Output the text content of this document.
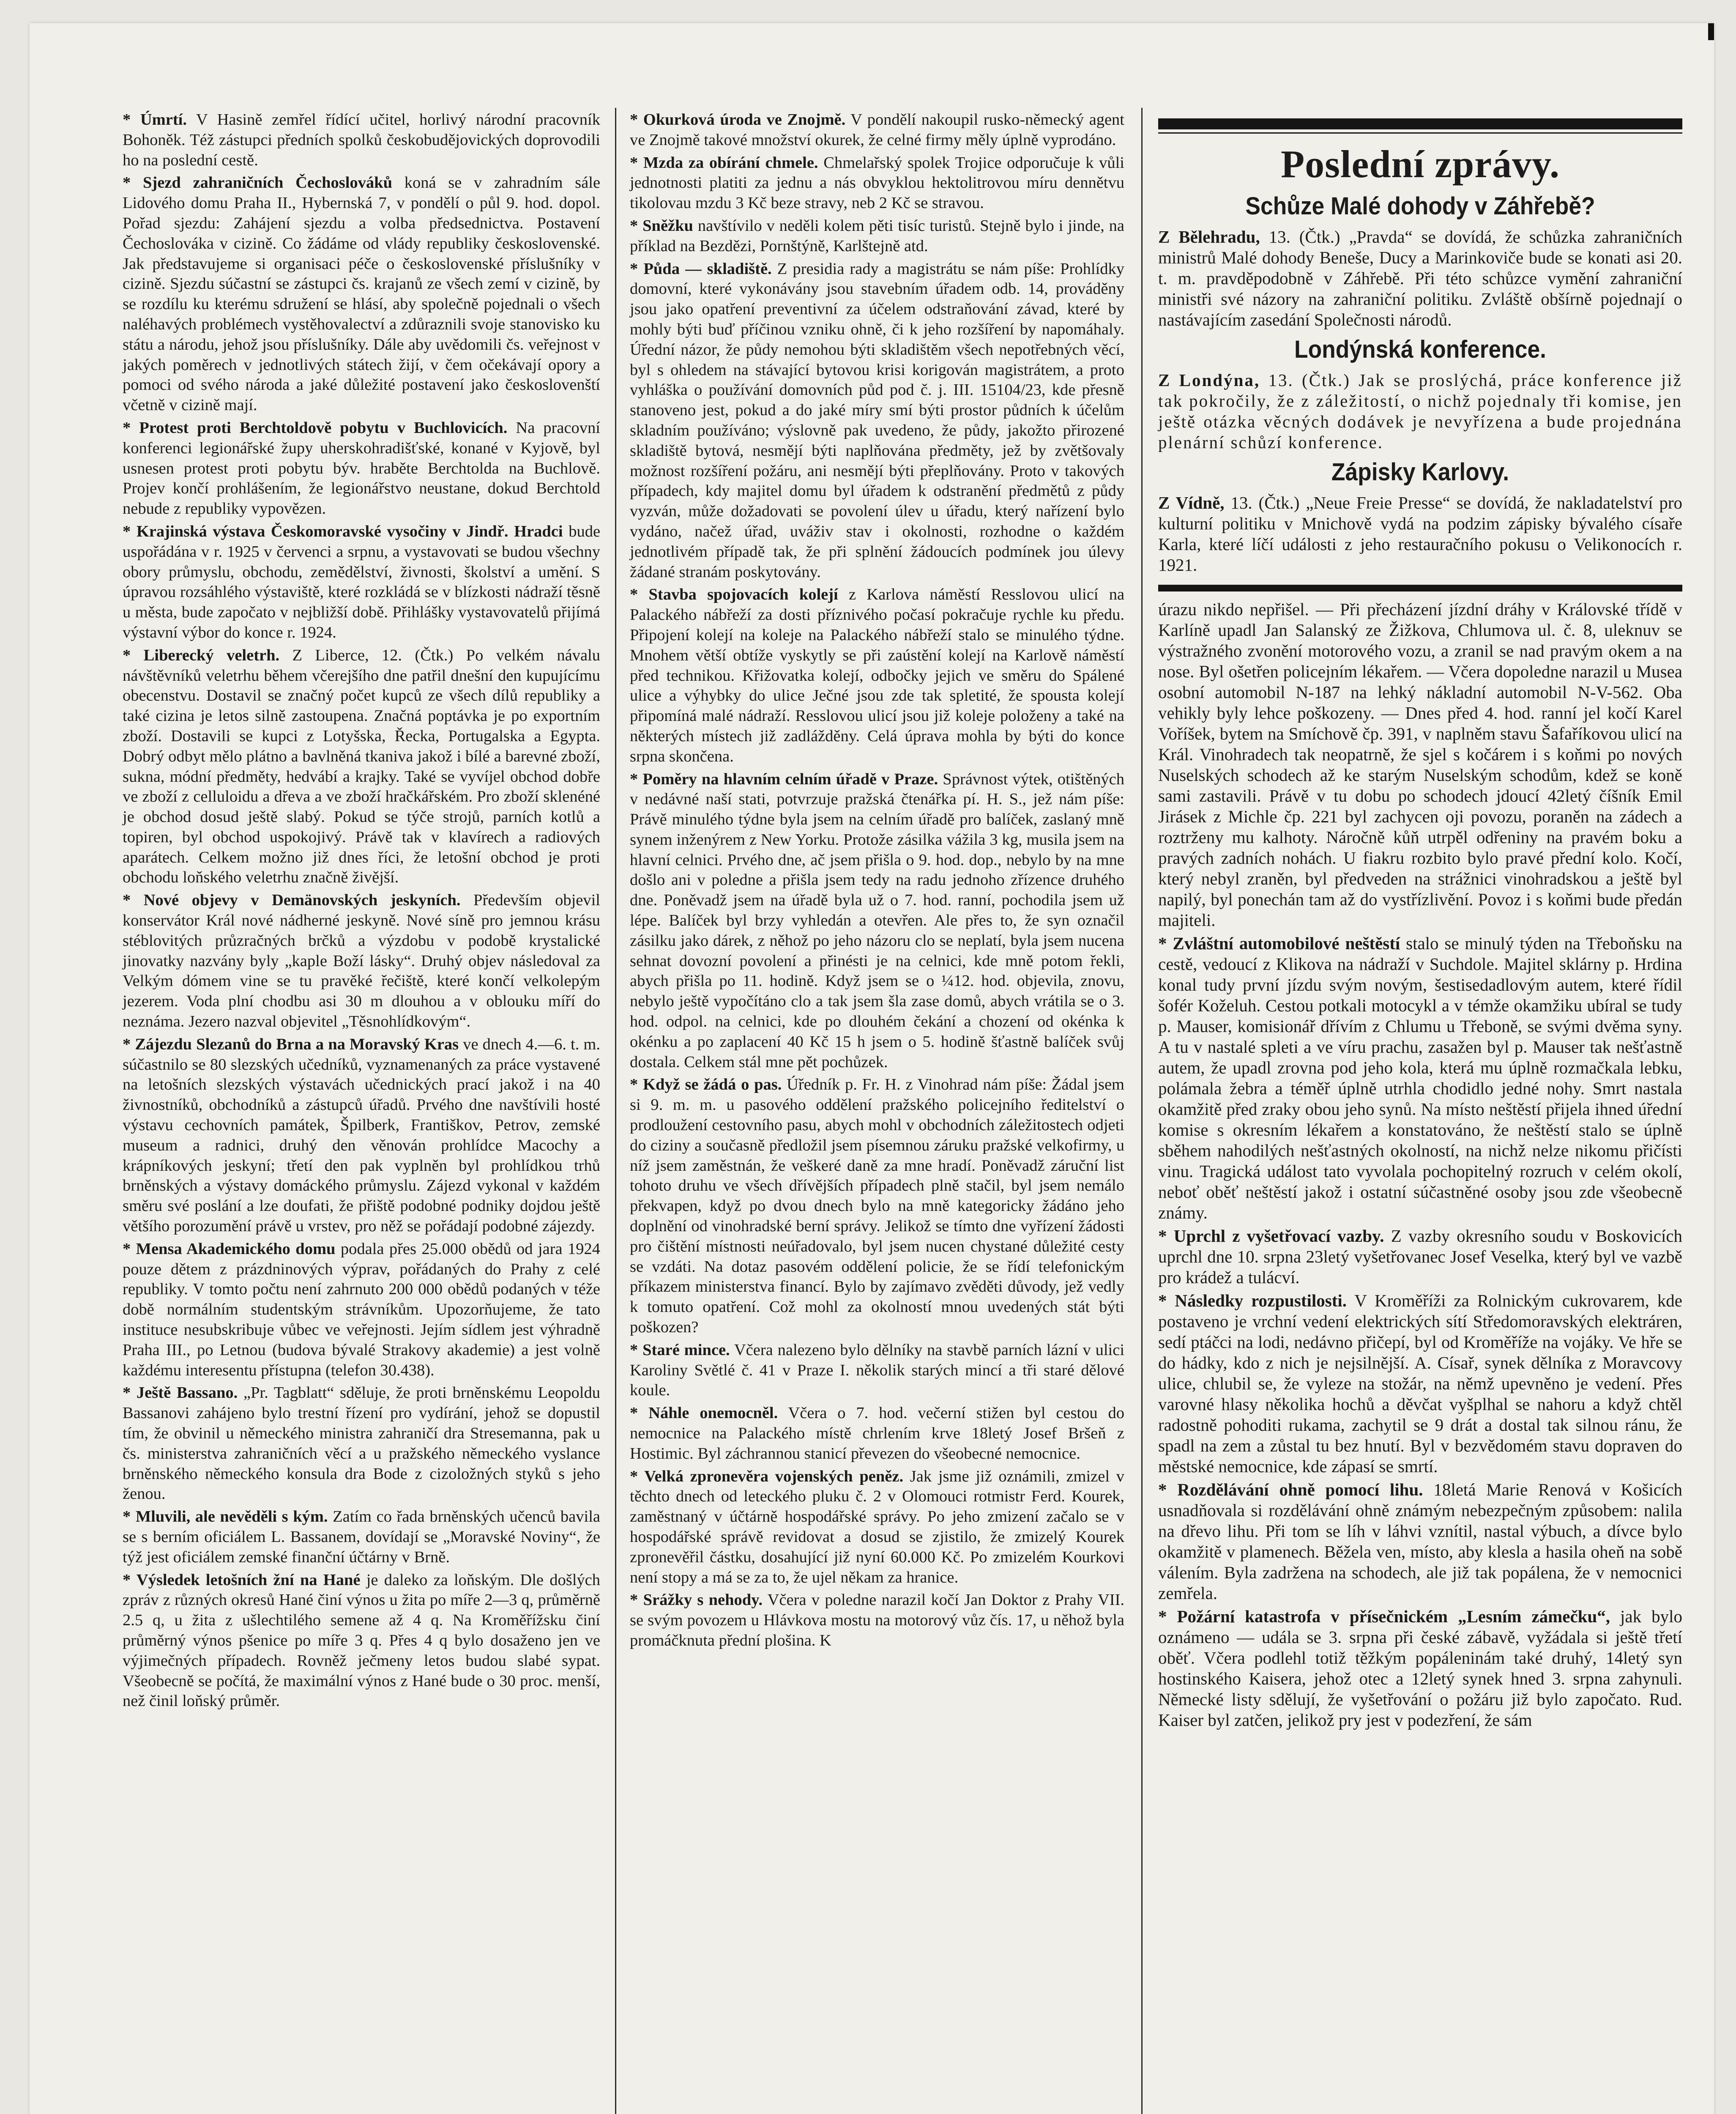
* Úmrtí. V Hasině zemřel řídící učitel, horlivý národní pracovník Bohoněk. Též zástupci předních spolků českobudějovických doprovodili ho na poslední cestě.

* Sjezd zahraničních Čechoslováků koná se v zahradním sále Lidového domu Praha II., Hybernská 7, v pondělí o půl 9. hod. dopol. Pořad sjezdu: Zahájení sjezdu a volba předsednictva. Postavení Čechoslováka v cizině. Co žádáme od vlády republiky československé. Jak představujeme si organisaci péče o československé příslušníky v cizině. Sjezdu súčastní se zástupci čs. krajanů ze všech zemí v cizině, by se rozdílu ku kterému sdružení se hlásí, aby společně pojednali o všech naléhavých problémech vystěhovalectví a zdůraznili svoje stanovisko ku státu a národu, jehož jsou příslušníky. Dále aby uvědomili čs. veřejnost v jakých poměrech v jednotlivých státech žijí, v čem očekávají opory a pomoci od svého národa a jaké důležité postavení jako českoslovenští včetně v cizině mají.

* Protest proti Berchtoldově pobytu v Buchlovicích. Na pracovní konferenci legionářské župy uherskohradišťské, konané v Kyjově, byl usnesen protest proti pobytu býv. hraběte Berchtolda na Buchlově. Projev končí prohlášením, že legionářstvo neustane, dokud Berchtold nebude z republiky vypovězen.

* Krajinská výstava Českomoravské vysočiny v Jindř. Hradci bude uspořádána v r. 1925 v červenci a srpnu, a vystavovati se budou všechny obory průmyslu, obchodu, zemědělství, živnosti, školství a umění. S úpravou rozsáhlého výstaviště, které rozkládá se v blízkosti nádraží těsně u města, bude započato v nejbližší době. Přihlášky vystavovatelů přijímá výstavní výbor do konce r. 1924.

* Liberecký veletrh. Z Liberce, 12. (Čtk.) Po velkém návalu návštěvníků veletrhu během včerejšího dne patřil dnešní den kupujícímu obecenstvu. Dostavil se značný počet kupců ze všech dílů republiky a také cizina je letos silně zastoupena. Značná poptávka je po exportním zboží. Dostavili se kupci z Lotyšska, Řecka, Portugalska a Egypta. Dobrý odbyt mělo plátno a bavlněná tkaniva jakož i bílé a barevné zboží, sukna, módní předměty, hedvábí a krajky. Také se vyvíjel obchod dobře ve zboží z celluloidu a dřeva a ve zboží hračkářském. Pro zboží sklenéné je obchod dosud ještě slabý. Pokud se týče strojů, parních kotlů a topiren, byl obchod uspokojivý. Právě tak v klavírech a radiových aparátech. Celkem možno již dnes říci, že letošní obchod je proti obchodu loňského veletrhu značně živější.

* Nové objevy v Demänovských jeskyních. Především objevil konservátor Král nové nádherné jeskyně. Nové síně pro jemnou krásu stéblovitých průzračných brčků a výzdobu v podobě krystalické jinovatky nazvány byly „kaple Boží lásky“. Druhý objev následoval za Velkým dómem vine se tu pravěké řečiště, které končí velkolepým jezerem. Voda plní chodbu asi 30 m dlouhou a v oblouku míří do neznáma. Jezero nazval objevitel „Těsnohlídkovým“.

* Zájezdu Slezanů do Brna a na Moravský Kras ve dnech 4.—6. t. m. súčastnilo se 80 slezských učedníků, vyznamenaných za práce vystavené na letošních slezských výstavách učednických prací jakož i na 40 živnostníků, obchodníků a zástupců úřadů. Prvého dne navštívili hosté výstavu cechovních památek, Špilberk, Františkov, Petrov, zemské museum a radnici, druhý den věnován prohlídce Macochy a krápníkových jeskyní; třetí den pak vyplněn byl prohlídkou trhů brněnských a výstavy domáckého průmyslu. Zájezd vykonal v každém směru své poslání a lze doufati, že přiště podobné podniky dojdou ještě většího porozumění právě u vrstev, pro něž se pořádají podobné zájezdy.

* Mensa Akademického domu podala přes 25.000 obědů od jara 1924 pouze dětem z prázdninových výprav, pořádaných do Prahy z celé republiky. V tomto počtu není zahrnuto 200 000 obědů podaných v téže době normálním studentským strávníkům. Upozorňujeme, že tato instituce nesubskribuje vůbec ve veřejnosti. Jejím sídlem jest výhradně Praha III., po Letnou (budova bývalé Strakovy akademie) a jest volně každému interesentu přístupna (telefon 30.438).

* Ještě Bassano. „Pr. Tagblatt“ sděluje, že proti brněnskému Leopoldu Bassanovi zahájeno bylo trestní řízení pro vydírání, jehož se dopustil tím, že obvinil u německého ministra zahraničí dra Stresemanna, pak u čs. ministerstva zahraničních věcí a u pražského německého vyslance brněnského německého konsula dra Bode z cizoložných styků s jeho ženou.

* Mluvili, ale nevěděli s kým. Zatím co řada brněnských učenců bavila se s berním oficiálem L. Bassanem, dovídají se „Moravské Noviny“, že týž jest oficiálem zemské finanční účtárny v Brně.

* Výsledek letošních žní na Hané je daleko za loňským. Dle došlých zpráv z různých okresů Hané činí výnos u žita po míře 2—3 q, průměrně 2.5 q, u žita z ušlechtilého semene až 4 q. Na Kroměřížsku činí průměrný výnos pšenice po míře 3 q. Přes 4 q bylo dosaženo jen ve výjimečných případech. Rovněž ječmeny letos budou slabé sypat. Všeobecně se počítá, že maximální výnos z Hané bude o 30 proc. menší, než činil loňský průměr.

* Okurková úroda ve Znojmě. V pondělí nakoupil rusko-německý agent ve Znojmě takové množství okurek, že celné firmy měly úplně vyprodáno.

* Mzda za obírání chmele. Chmelařský spolek Trojice odporučuje k vůli jednotnosti platiti za jednu a nás obvyklou hektolitrovou míru dennětvu tikolovau mzdu 3 Kč beze stravy, neb 2 Kč se stravou.

* Sněžku navštívilo v neděli kolem pěti tisíc turistů. Stejně bylo i jinde, na příklad na Bezdězi, Pornštýně, Karlštejně atd.

* Půda — skladiště. Z presidia rady a magistrátu se nám píše: Prohlídky domovní, které vykonávány jsou stavebním úřadem odb. 14, prováděny jsou jako opatření preventivní za účelem odstraňování závad, které by mohly býti buď příčinou vzniku ohně, či k jeho rozšíření by napomáhaly. Úřední názor, že půdy nemohou býti skladištěm všech nepotřebných věcí, byl s ohledem na stávající bytovou krisi korigován magistrátem, a proto vyhláška o používání domovních půd pod č. j. III. 15104/23, kde přesně stanoveno jest, pokud a do jaké míry smí býti prostor půdních k účelům skladním používáno; výslovně pak uvedeno, že půdy, jakožto přirozené skladiště bytová, nesmějí býti naplňována předměty, jež by zvětšovaly možnost rozšíření požáru, ani nesmějí býti přeplňovány. Proto v takových případech, kdy majitel domu byl úřadem k odstranění předmětů z půdy vyzván, může dožadovati se povolení úlev u úřadu, který nařízení bylo vydáno, načež úřad, uváživ stav i okolnosti, rozhodne o každém jednotlivém případě tak, že při splnění žádoucích podmínek jou úlevy žádané stranám poskytovány.

* Stavba spojovacích kolejí z Karlova náměstí Resslovou ulicí na Palackého nábřeží za dosti příznivého počasí pokračuje rychle ku předu. Připojení kolejí na koleje na Palackého nábřeží stalo se minulého týdne. Mnohem větší obtíže vyskytly se při zaústění kolejí na Karlově náměstí před technikou. Křižovatka kolejí, odbočky jejich ve směru do Spálené ulice a výhybky do ulice Ječné jsou zde tak spletité, že spousta kolejí připomíná malé nádraží. Resslovou ulicí jsou již koleje položeny a také na některých místech již zadlážděny. Celá úprava mohla by býti do konce srpna skončena.

* Poměry na hlavním celním úřadě v Praze. Správnost výtek, otištěných v nedávné naší stati, potvrzuje pražská čtenářka pí. H. S., jež nám píše: Právě minulého týdne byla jsem na celním úřadě pro balíček, zaslaný mně synem inženýrem z New Yorku. Protože zásilka vážila 3 kg, musila jsem na hlavní celnici. Prvého dne, ač jsem přišla o 9. hod. dop., nebylo by na mne došlo ani v poledne a přišla jsem tedy na radu jednoho zřízence druhého dne. Poněvadž jsem na úřadě byla už o 7. hod. ranní, pochodila jsem už lépe. Balíček byl brzy vyhledán a otevřen. Ale přes to, že syn označil zásilku jako dárek, z něhož po jeho názoru clo se neplatí, byla jsem nucena sehnat dovozní povolení a přinésti je na celnici, kde mně potom řekli, abych přišla po 11. hodině. Když jsem se o ¼12. hod. objevila, znovu, nebylo ještě vypočítáno clo a tak jsem šla zase domů, abych vrátila se o 3. hod. odpol. na celnici, kde po dlouhém čekání a chození od okénka k okénku a po zaplacení 40 Kč 15 h jsem o 5. hodině šťastně balíček svůj dostala. Celkem stál mne pět pochůzek.

* Když se žádá o pas. Úředník p. Fr. H. z Vinohrad nám píše: Žádal jsem si 9. m. m. u pasového oddělení pražského policejního ředitelství o prodloužení cestovního pasu, abych mohl v obchodních záležitostech odjeti do ciziny a současně předložil jsem písemnou záruku pražské velkofirmy, u níž jsem zaměstnán, že veškeré daně za mne hradí. Poněvadž záruční list tohoto druhu ve všech dřívějších případech plně stačil, byl jsem nemálo překvapen, když po dvou dnech bylo na mně kategoricky žádáno jeho doplnění od vinohradské berní správy. Jelikož se tímto dne vyřízení žádosti pro čištění místnosti neúřadovalo, byl jsem nucen chystané důležité cesty se vzdáti. Na dotaz pasovém oddělení policie, že se řídí telefonickým příkazem ministerstva financí. Bylo by zajímavo zvěděti důvody, jež vedly k tomuto opatření. Což mohl za okolností mnou uvedených stát býti poškozen?

* Staré mince. Včera nalezeno bylo dělníky na stavbě parních lázní v ulici Karoliny Světlé č. 41 v Praze I. několik starých mincí a tři staré dělové koule.

* Náhle onemocněl. Včera o 7. hod. večerní stižen byl cestou do nemocnice na Palackého místě chrlením krve 18letý Josef Bršeň z Hostimic. Byl záchrannou stanicí převezen do všeobecné nemocnice.

* Velká zpronevěra vojenských peněz. Jak jsme již oznámili, zmizel v těchto dnech od leteckého pluku č. 2 v Olomouci rotmistr Ferd. Kourek, zaměstnaný v účtárně hospodářské správy. Po jeho zmizení začalo se v hospodářské správě revidovat a dosud se zjistilo, že zmizelý Kourek zpronevěřil částku, dosahující již nyní 60.000 Kč. Po zmizelém Kourkovi není stopy a má se za to, že ujel někam za hranice.

* Srážky s nehody. Včera v poledne narazil kočí Jan Doktor z Prahy VII. se svým povozem u Hlávkova mostu na motorový vůz čís. 17, u něhož byla promáčknuta přední plošina. K

Poslední zprávy.
Schůze Malé dohody v Záhřebě?

Z Bělehradu, 13. (Čtk.) „Pravda“ se dovídá, že schůzka zahraničních ministrů Malé dohody Beneše, Ducy a Marinkoviče bude se konati asi 20. t. m. pravděpodobně v Záhřebě. Při této schůzce vymění zahraniční ministři své názory na zahraniční politiku. Zvláště obšírně pojednají o nastávajícím zasedání Společnosti národů.

Londýnská konference.

Z Londýna, 13. (Čtk.) Jak se proslýchá, práce konference již tak pokročily, že z záležitostí, o nichž pojednaly tři komise, jen ještě otázka věcných dodávek je nevyřízena a bude projednána plenární schůzí konference.

Zápisky Karlovy.

Z Vídně, 13. (Čtk.) „Neue Freie Presse“ se dovídá, že nakladatelství pro kulturní politiku v Mnichově vydá na podzim zápisky bývalého císaře Karla, které líčí události z jeho restauračního pokusu o Velikonocích r. 1921.

úrazu nikdo nepřišel. — Při přecházení jízdní dráhy v Královské třídě v Karlíně upadl Jan Salanský ze Žižkova, Chlumova ul. č. 8, uleknuv se výstražného zvonění motorového vozu, a zranil se nad pravým okem a na nose. Byl ošetřen policejním lékařem. — Včera dopoledne narazil u Musea osobní automobil N-187 na lehký nákladní automobil N-V-562. Oba vehikly byly lehce poškozeny. — Dnes před 4. hod. ranní jel kočí Karel Voříšek, bytem na Smíchově čp. 391, v naplněm stavu Šafaříkovou ulicí na Král. Vinohradech tak neopatrně, že sjel s kočárem i s koňmi po nových Nuselských schodech až ke starým Nuselským schodům, kdež se koně sami zastavili. Právě v tu dobu po schodech jdoucí 42letý číšník Emil Jirásek z Michle čp. 221 byl zachycen oji povozu, poraněn na zádech a roztrženy mu kalhoty. Náročně kůň utrpěl odřeniny na pravém boku a pravých zadních nohách. U fiakru rozbito bylo pravé přední kolo. Kočí, který nebyl zraněn, byl předveden na strážnici vinohradskou a ještě byl napilý, byl ponechán tam až do vystřízlivění. Povoz i s koňmi bude předán majiteli.

* Zvláštní automobilové neštěstí stalo se minulý týden na Třeboňsku na cestě, vedoucí z Klikova na nádraží v Suchdole. Majitel sklárny p. Hrdina konal tudy první jízdu svým novým, šestisedadlovým autem, které řídil šofér Koželuh. Cestou potkali motocykl a v témže okamžiku ubíral se tudy p. Mauser, komisionář dřívím z Chlumu u Třeboně, se svými dvěma syny. A tu v nastalé spleti a ve víru prachu, zasažen byl p. Mauser tak nešťastně autem, že upadl zrovna pod jeho kola, která mu úplně rozmačkala lebku, polámala žebra a téměř úplně utrhla chodidlo jedné nohy. Smrt nastala okamžitě před zraky obou jeho synů. Na místo neštěstí přijela ihned úřední komise s okresním lékařem a konstatováno, že neštěstí stalo se úplně sběhem nahodilých nešťastných okolností, na nichž nelze nikomu přičísti vinu. Tragická událost tato vyvolala pochopitelný rozruch v celém okolí, neboť oběť neštěstí jakož i ostatní súčastněné osoby jsou zde všeobecně známy.

* Uprchl z vyšetřovací vazby. Z vazby okresního soudu v Boskovicích uprchl dne 10. srpna 23letý vyšetřovanec Josef Veselka, který byl ve vazbě pro krádež a tulácví.

* Následky rozpustilosti. V Kroměříži za Rolnickým cukrovarem, kde postaveno je vrchní vedení elektrických sítí Středomoravských elektráren, sedí ptáčci na lodi, nedávno přičepí, byl od Kroměříže na vojáky. Ve hře se do hádky, kdo z nich je nejsilnější. A. Císař, synek dělníka z Moravcovy ulice, chlubil se, že vyleze na stožár, na němž upevněno je vedení. Přes varovné hlasy několika hochů a děvčat vyšplhal se nahoru a když chtěl radostně pohoditi rukama, zachytil se 9 drát a dostal tak silnou ránu, že spadl na zem a zůstal tu bez hnutí. Byl v bezvědomém stavu dopraven do městské nemocnice, kde zápasí se smrtí.

* Rozdělávání ohně pomocí lihu. 18letá Marie Renová v Košicích usnadňovala si rozdělávání ohně známým nebezpečným způsobem: nalila na dřevo lihu. Při tom se líh v láhvi vznítil, nastal výbuch, a dívce bylo okamžitě v plamenech. Běžela ven, místo, aby klesla a hasila oheň na sobě válením. Byla zadržena na schodech, ale již tak popálena, že v nemocnici zemřela.

* Požární katastrofa v přísečnickém „Lesním zámečku“, jak bylo oznámeno — udála se 3. srpna při české zábavě, vyžádala si ještě třetí oběť. Včera podlehl totiž těžkým popáleninám také druhý, 14letý syn hostinského Kaisera, jehož otec a 12letý synek hned 3. srpna zahynuli. Německé listy sdělují, že vyšetřování o požáru již bylo započato. Rud. Kaiser byl zatčen, jelikož pry jest v podezření, že sám
